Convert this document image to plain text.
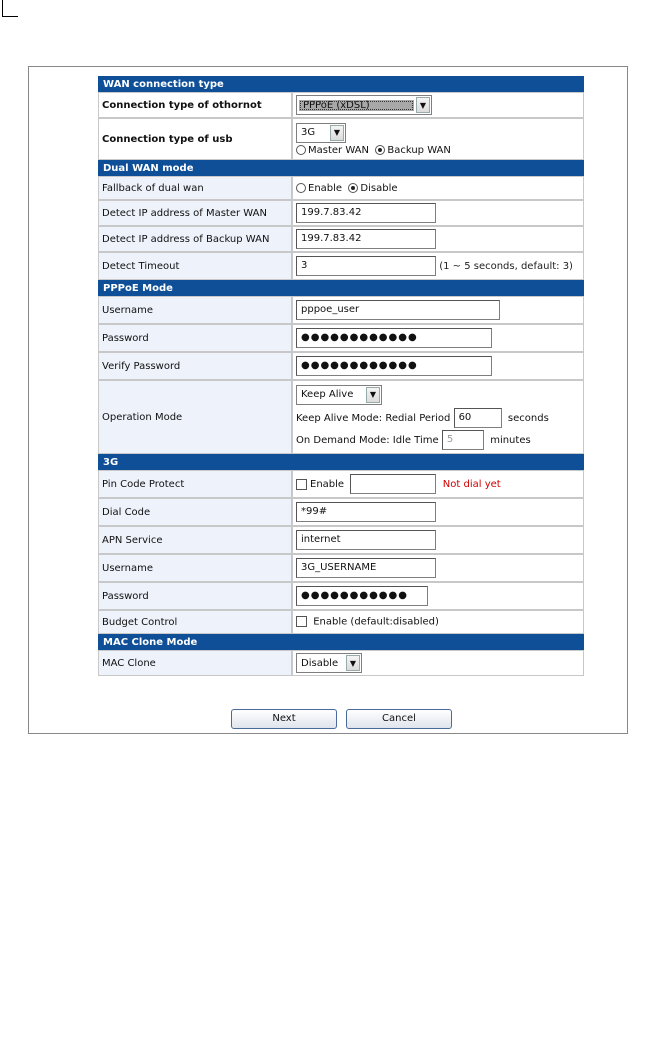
WAN connection type	
Connection type of othornot	PPPoE (xDSL) ▼

Connection type of usb	3G ▼
Master WAN Backup WAN

Dual WAN mode	
Fallback of dual wan	Enable Disable
Detect IP address of Master WAN	199.7.83.42
Detect IP address of Backup WAN	199.7.83.42
Detect Timeout	3 (1 ~ 5 seconds, default: 3)
PPPoE Mode	
Username	pppoe_user
Password	●●●●●●●●●●●●
Verify Password	●●●●●●●●●●●●
Operation Mode	Keep Alive ▼
Keep Alive Mode: Redial Period 60 seconds
On Demand Mode: Idle Time 5 minutes

3G	
Pin Code Protect	Enable Not dial yet
Dial Code	*99#
APN Service	internet
Username	3G_USERNAME
Password	●●●●●●●●●●●
Budget Control	Enable (default:disabled)
MAC Clone Mode	
MAC Clone	Disable ▼
Next	Cancel
